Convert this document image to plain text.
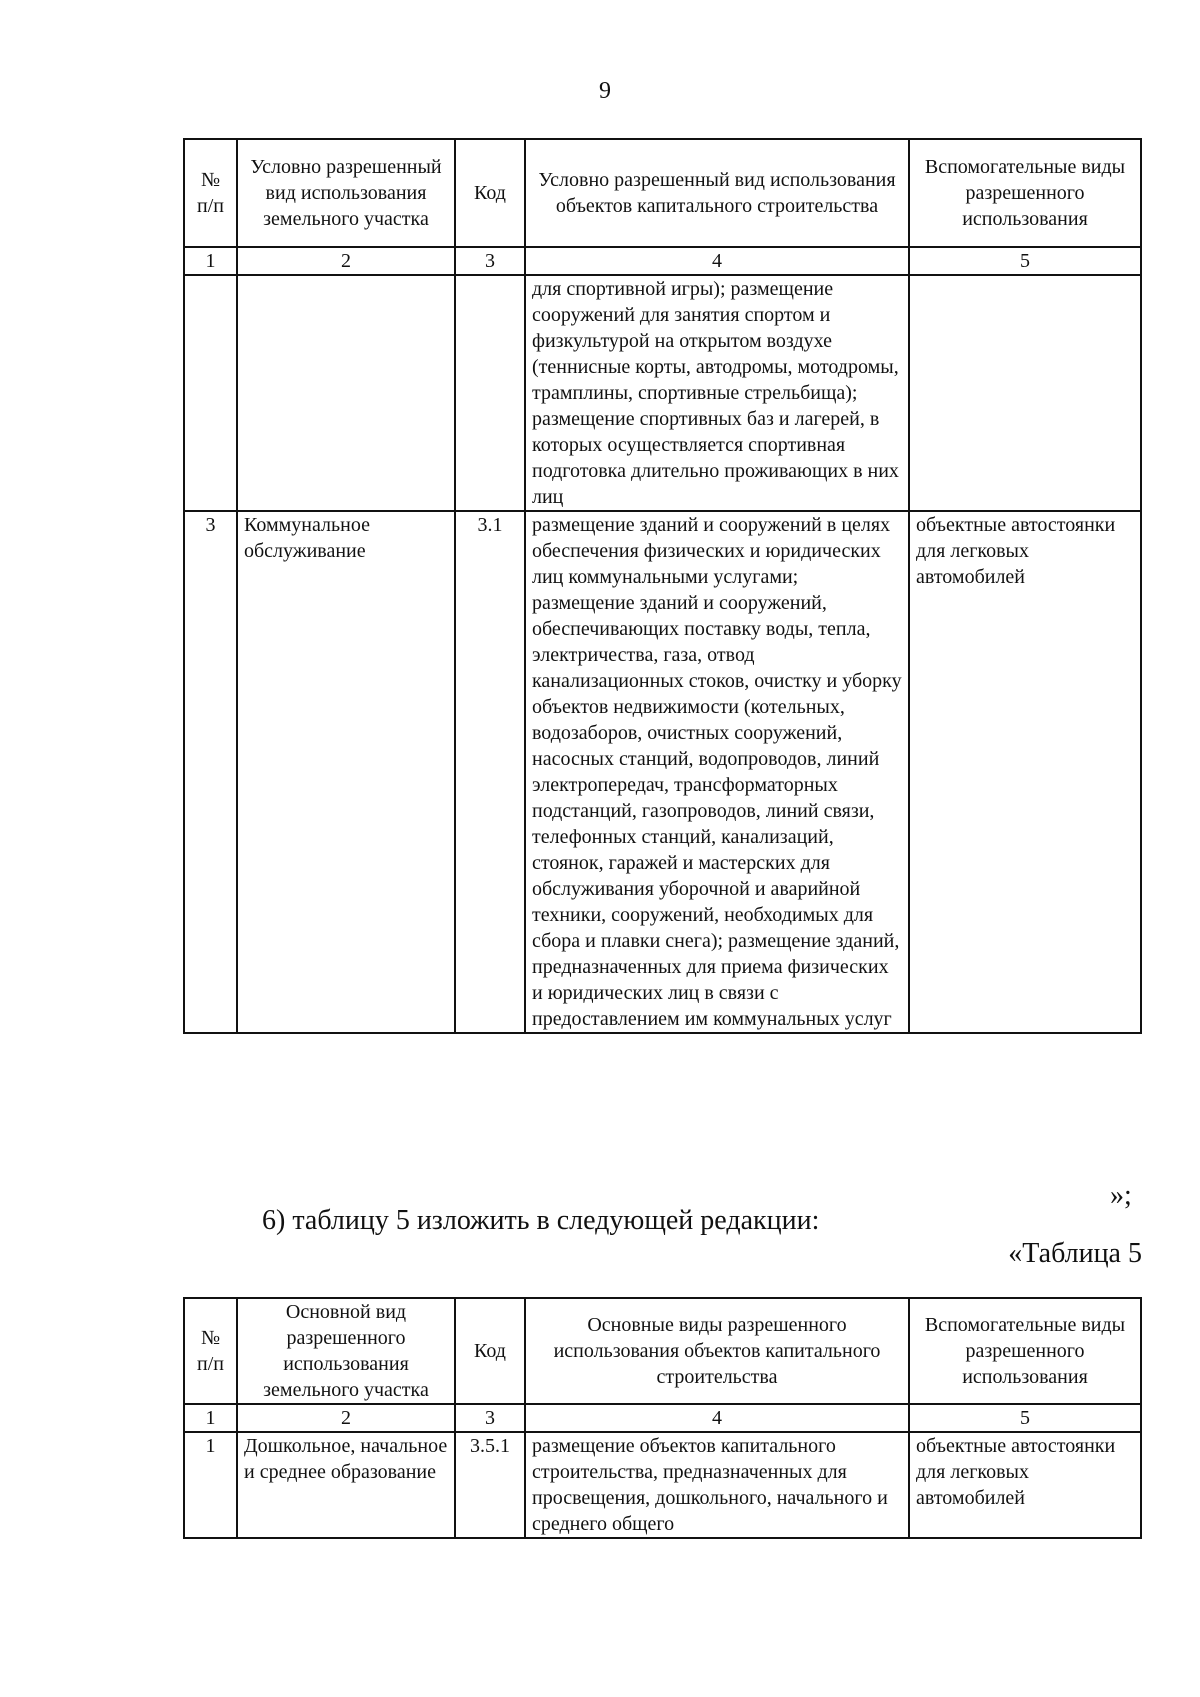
9
№
п/п	Условно разрешенный вид использования земельного участка	Код	Условно разрешенный вид использования объектов капитального строительства	Вспомогательные виды разрешенного использования
1	2	3	4	5
			для спортивной игры); размещение сооружений для занятия спортом и физкультурой на открытом воздухе (теннисные корты, автодромы, мотодромы, трамплины, спортивные стрельбища); размещение спортивных баз и лагерей, в которых осуществляется спортивная подготовка длительно проживающих в них лиц	
3	Коммунальное обслуживание	3.1	размещение зданий и сооружений в целях обеспечения физических и юридических лиц коммунальными услугами; размещение зданий и сооружений, обеспечивающих поставку воды, тепла, электричества, газа, отвод канализационных стоков, очистку и уборку объектов недвижимости (котельных, водозаборов, очистных сооружений, насосных станций, водопроводов, линий электропередач, трансформаторных подстанций, газопроводов, линий связи, телефонных станций, канализаций, стоянок, гаражей и мастерских для обслуживания уборочной и аварийной техники, сооружений, необходимых для сбора и плавки снега); размещение зданий, предназначенных для приема физических и юридических лиц в связи с предоставлением им коммунальных услуг	объектные автостоянки для легковых автомобилей
»;
6) таблицу 5 изложить в следующей редакции:
«Таблица 5
№
п/п	Основной вид разрешенного использования земельного участка	Код	Основные виды разрешенного использования объектов капитального строительства	Вспомогательные виды разрешенного использования
1	2	3	4	5
1	Дошкольное, начальное и среднее образование	3.5.1	размещение объектов капитального строительства, предназначенных для просвещения, дошкольного, начального и среднего общего	объектные автостоянки для легковых автомобилей
